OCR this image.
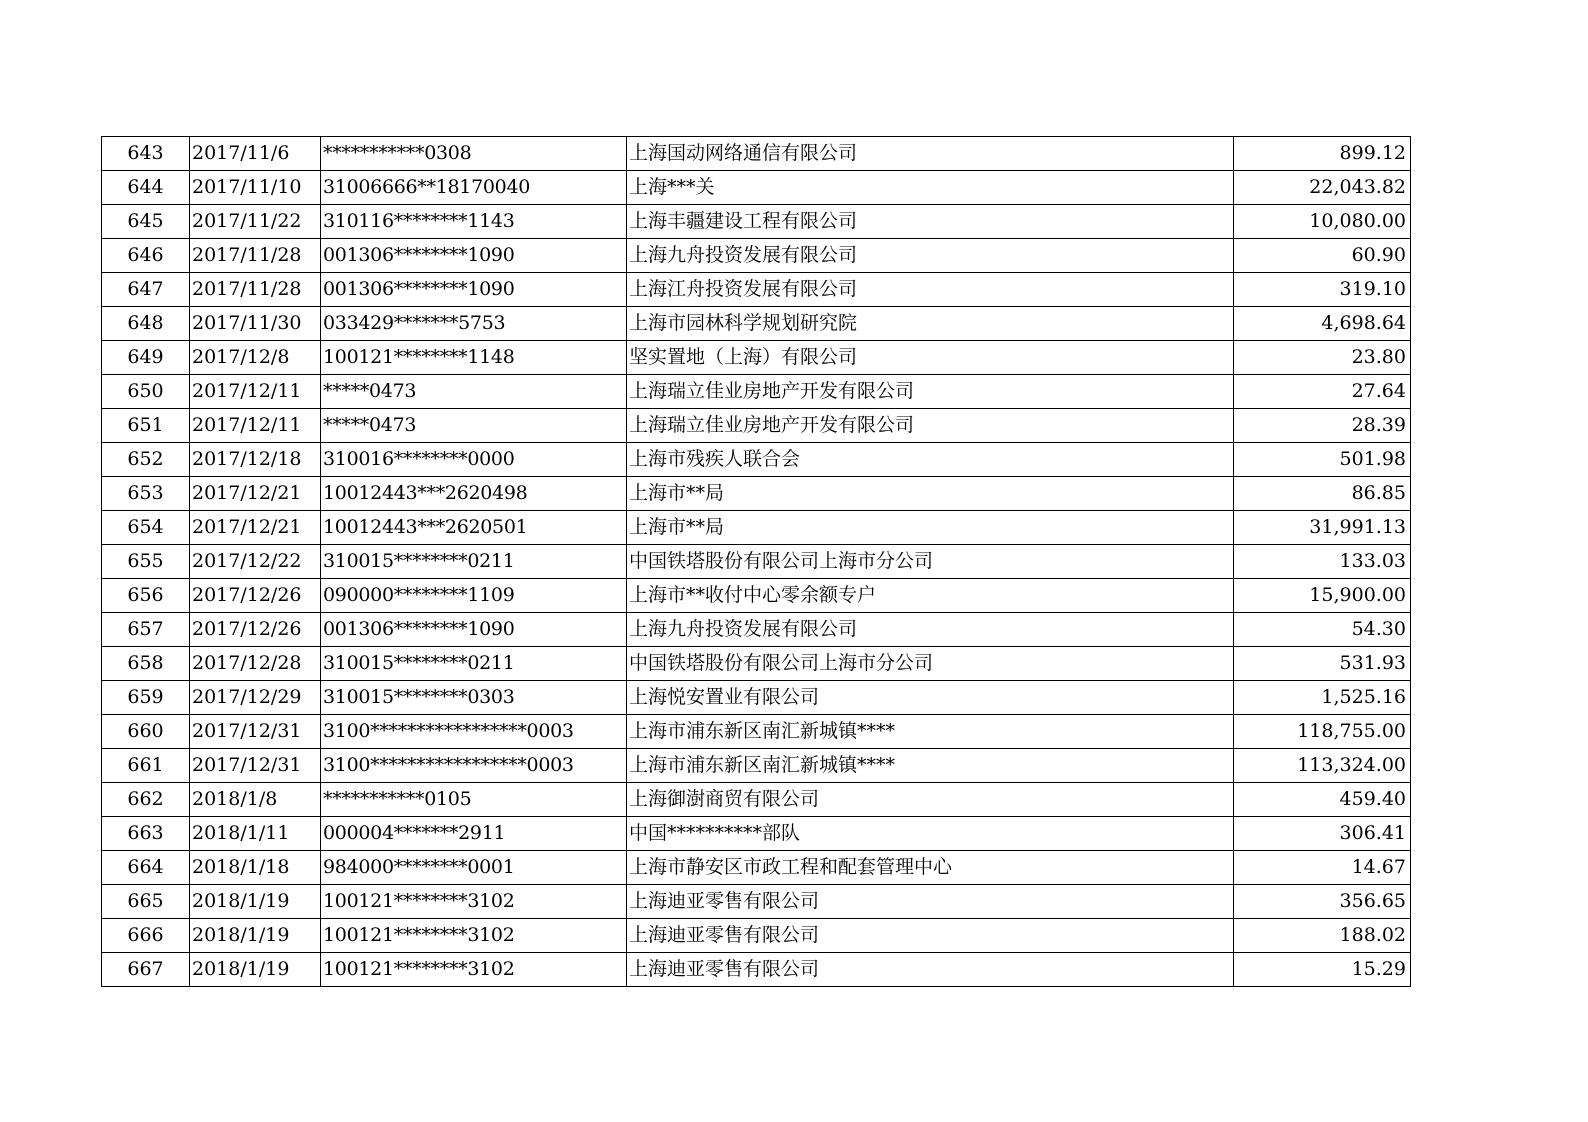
643	2017/11/6	***********0308	上海国动网络通信有限公司	899.12
644	2017/11/10	31006666**18170040	上海***关	22,043.82
645	2017/11/22	310116********1143	上海丰疆建设工程有限公司	10,080.00
646	2017/11/28	001306********1090	上海九舟投资发展有限公司	60.90
647	2017/11/28	001306********1090	上海江舟投资发展有限公司	319.10
648	2017/11/30	033429*******5753	上海市园林科学规划研究院	4,698.64
649	2017/12/8	100121********1148	坚实置地（上海）有限公司	23.80
650	2017/12/11	*****0473	上海瑞立佳业房地产开发有限公司	27.64
651	2017/12/11	*****0473	上海瑞立佳业房地产开发有限公司	28.39
652	2017/12/18	310016********0000	上海市残疾人联合会	501.98
653	2017/12/21	10012443***2620498	上海市**局	86.85
654	2017/12/21	10012443***2620501	上海市**局	31,991.13
655	2017/12/22	310015********0211	中国铁塔股份有限公司上海市分公司	133.03
656	2017/12/26	090000********1109	上海市**收付中心零余额专户	15,900.00
657	2017/12/26	001306********1090	上海九舟投资发展有限公司	54.30
658	2017/12/28	310015********0211	中国铁塔股份有限公司上海市分公司	531.93
659	2017/12/29	310015********0303	上海悦安置业有限公司	1,525.16
660	2017/12/31	3100*****************0003	上海市浦东新区南汇新城镇****	118,755.00
661	2017/12/31	3100*****************0003	上海市浦东新区南汇新城镇****	113,324.00
662	2018/1/8	***********0105	上海御澍商贸有限公司	459.40
663	2018/1/11	000004*******2911	中国**********部队	306.41
664	2018/1/18	984000********0001	上海市静安区市政工程和配套管理中心	14.67
665	2018/1/19	100121********3102	上海迪亚零售有限公司	356.65
666	2018/1/19	100121********3102	上海迪亚零售有限公司	188.02
667	2018/1/19	100121********3102	上海迪亚零售有限公司	15.29
